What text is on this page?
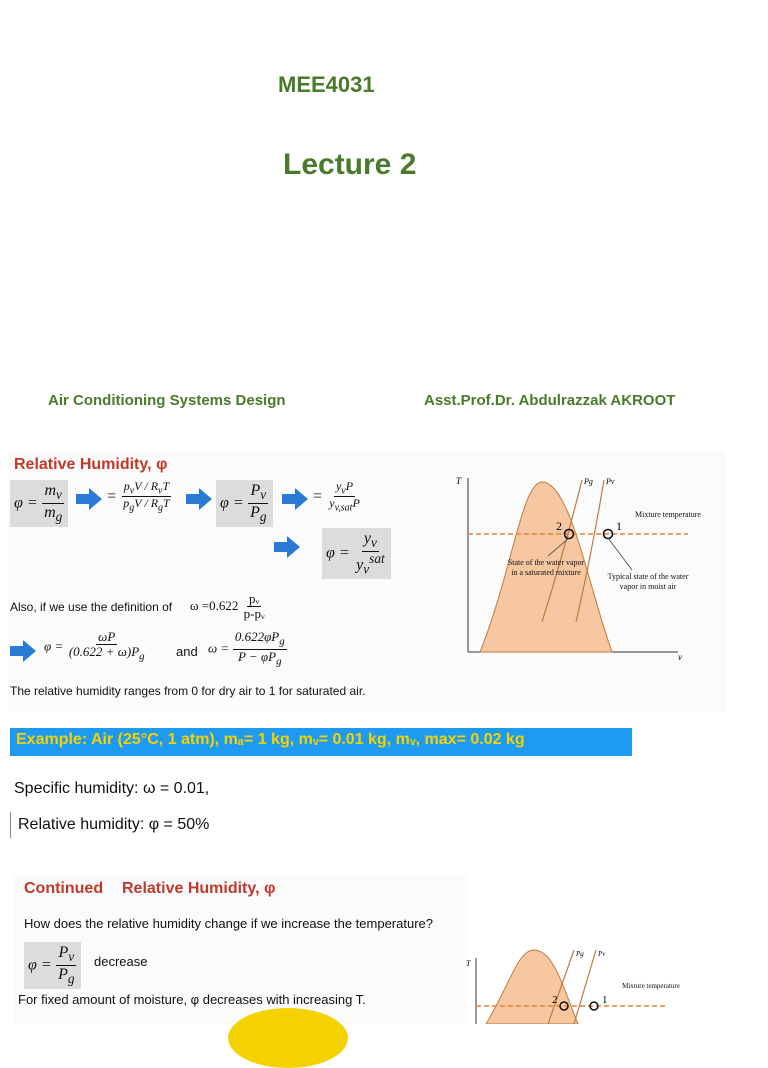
MEE4031
Lecture 2
Air Conditioning Systems Design	Asst.Prof.Dr. Abdulrazzak AKROOT
Relative Humidity, φ
$\varphi = \frac{m_v}{m_g}$	= $\frac{p_vV / R_vT}{p_gV / R_gT}$	$\varphi = \frac{P_v}{P_g}$	= $\frac{y_vP}{y_{v,sat}P}$
$\varphi = \frac{y_v}{y_v^{sat}}$
Also, if we use the definition of $\omega =0.622 \frac{\text{pᵥ}}{\text{p-pᵥ}}$
$\varphi = \frac{\omega P}{(0.622 + \omega)P_g}$ and $\omega = \frac{0.622\varphi P_g}{P - \varphi P_g}$
The relative humidity ranges from 0 for dry air to 1 for saturated air.
T
v
Pg Pv
2	1
Mixture temperature
State of the water vapor in a saturated mixture	Typical state of the water vapor in moist air
Example: Air (25°C, 1 atm), mₐ= 1 kg, mᵥ= 0.01 kg, mᵥ, max= 0.02 kg
Specific humidity: ω = 0.01,
Relative humidity: φ = 50%
Continued Relative Humidity, φ
How does the relative humidity change if we increase the temperature?
$\varphi = \frac{P_v}{P_g}$ decrease
For fixed amount of moisture, φ decreases with increasing T.
T
Pg Pv
2	1
Mixture temperature
